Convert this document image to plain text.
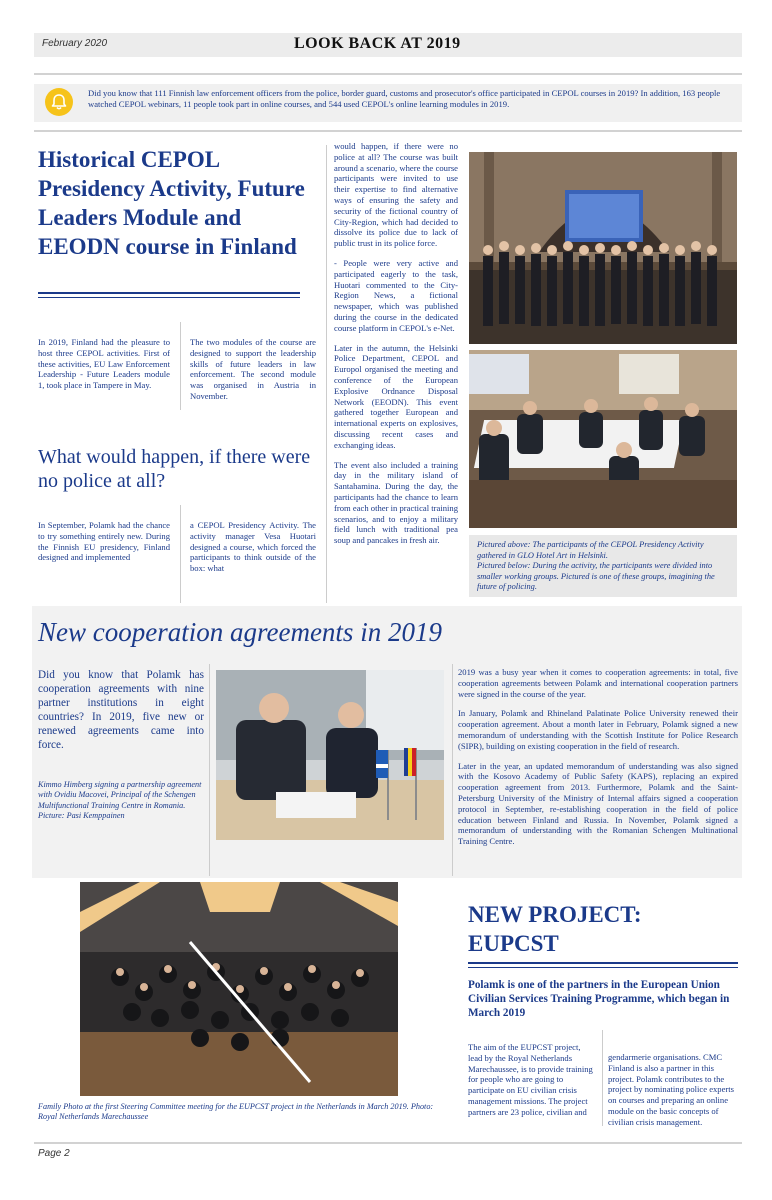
February 2020	LOOK BACK AT 2019
Did you know that 111 Finnish law enforcement officers from the police, border guard, customs and prosecutor's office participated in CEPOL courses in 2019? In addition, 163 people watched CEPOL webinars, 11 people took part in online courses, and 544 used CEPOL's online learning modules in 2019.
Historical CEPOL Presidency Activity, Future Leaders Module and EEODN course in Finland
In 2019, Finland had the pleasure to host three CEPOL activities. First of these activities, EU Law Enforcement Leadership - Future Leaders module 1, took place in Tampere in May.
The two modules of the course are designed to support the leadership skills of future leaders in law enforcement. The second module was organised in Austria in November.
What would happen, if there were no police at all?
In September, Polamk had the chance to try something entirely new. During the Finnish EU presidency, Finland designed and implemented
a CEPOL Presidency Activity. The activity manager Vesa Huotari designed a course, which forced the participants to think outside of the box: what

would happen, if there were no police at all? The course was built around a scenario, where the course participants were invited to use their expertise to find alternative ways of ensuring the safety and security of the fictional country of City-Region, which had decided to dissolve its police due to lack of public trust in its police force.

- People were very active and participated eagerly to the task, Huotari commented to the City-Region News, a fictional newspaper, which was published during the course in the dedicated course platform in CEPOL's e-Net.

Later in the autumn, the Helsinki Police Department, CEPOL and Europol organised the meeting and conference of the European Explosive Ordnance Disposal Network (EEODN). This event gathered together European and international experts on explosives, discussing recent cases and exchanging ideas.

The event also included a training day in the military island of Santahamina. During the day, the participants had the chance to learn from each other in practical training scenarios, and to enjoy a military field lunch with traditional pea soup and pancakes in fresh air.	Pictured above: The participants of the CEPOL Presidency Activity gathered in GLO Hotel Art in Helsinki.
Pictured below: During the activity, the participants were divided into smaller working groups. Pictured is one of these groups, imagining the future of policing.
New cooperation agreements in 2019
Did you know that Polamk has cooperation agreements with nine partner institutions in eight countries? In 2019, five new or renewed agreements came into force.
Kimmo Himberg signing a partnership agreement with Ovidiu Macovei, Principal of the Schengen Multifunctional Training Centre in Romania.
Picture: Pasi Kemppainen

2019 was a busy year when it comes to cooperation agreements: in total, five cooperation agreements between Polamk and international cooperation partners were signed in the course of the year.

In January, Polamk and Rhineland Palatinate Police University renewed their cooperation agreement. About a month later in February, Polamk signed a new memorandum of understanding with the Scottish Institute for Police Research (SIPR), building on existing cooperation in the field of research.

Later in the year, an updated memorandum of understanding was also signed with the Kosovo Academy of Public Safety (KAPS), replacing an expired cooperation agreement from 2013. Furthermore, Polamk and the Saint-Petersburg University of the Ministry of Internal affairs signed a cooperation protocol in September, re-establishing cooperation in the field of police education between Finland and Russia. In November, Polamk signed a memorandum of understanding with the Romanian Schengen Multinational Training Centre.

Family Photo at the first Steering Committee meeting for the EUPCST project in the Netherlands in March 2019. Photo: Royal Netherlands Marechaussee
NEW PROJECT: EUPCST
Polamk is one of the partners in the European Union Civilian Services Training Programme, which began in March 2019
The aim of the EUPCST project, lead by the Royal Netherlands Marechaussee, is to provide training for people who are going to participate on EU civilian crisis management missions. The project partners are 23 police, civilian and
gendarmerie organisations. CMC Finland is also a partner in this project. Polamk contributes to the project by nominating police experts on courses and preparing an online module on the basic concepts of civilian crisis management.
Page 2
